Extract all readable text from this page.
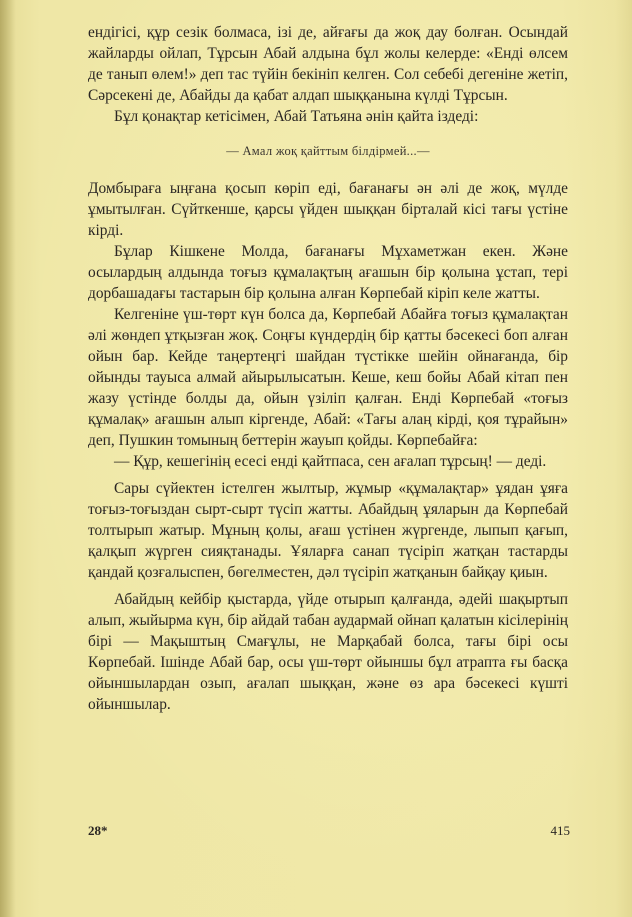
ендігісі, құр сезік болмаса, ізі де, айғағы да жоқ дау болған. Осындай жайларды ойлап, Тұрсын Абай алдына бұл жолы келерде: «Енді өлсем де танып өлем!» деп тас түйін бекініп келген. Сол себебі дегеніне жетіп, Сәрсекені де, Абайды да қабат алдап шыққанына күлді Тұрсын.

Бұл қонақтар кетісімен, Абай Татьяна әнін қайта іздеді:

— Амал жоқ қайттым білдірмей...—

Домбыраға ыңғана қосып көріп еді, бағанағы ән әлі де жоқ, мүлде ұмытылған. Сүйткенше, қарсы үйден шыққан бірталай кісі тағы үстіне кірді.

Бұлар Кішкене Молда, бағанағы Мұхаметжан екен. Және осылардың алдында тоғыз құмалақтың ағашын бір қолына ұстап, тері дорбашадағы тастарын бір қолына алған Көрпебай кіріп келе жатты.

Келгеніне үш-төрт күн болса да, Көрпебай Абайға тоғыз құмалақтан әлі жөндеп ұтқызған жоқ. Соңғы күндердің бір қатты бәсекесі боп алған ойын бар. Кейде таңертеңгі шайдан түстікке шейін ойнағанда, бір ойынды тауыса алмай айырылысатын. Кеше, кеш бойы Абай кітап пен жазу үстінде болды да, ойын үзіліп қалған. Енді Көрпебай «тоғыз құмалақ» ағашын алып кіргенде, Абай: «Тағы алаң кірді, қоя тұрайын» деп, Пушкин томының беттерін жауып қойды. Көрпебайға:

— Құр, кешегінің есесі енді қайтпаса, сен ағалап тұрсың! — деді.

Сары сүйектен істелген жылтыр, жұмыр «құмалақтар» ұядан ұяға тоғыз-тоғыздан сырт-сырт түсіп жатты. Абайдың ұяларын да Көрпебай толтырып жатыр. Мұның қолы, ағаш үстінен жүргенде, лыпып қағып, қалқып жүрген сияқтанады. Ұяларға санап түсіріп жатқан тастарды қандай қозғалыспен, бөгелместен, дәл түсіріп жатқанын байқау қиын.

Абайдың кейбір қыстарда, үйде отырып қалғанда, әдейі шақыртып алып, жыйырма күн, бір айдай табан аудармай ойнап қалатын кісілерінің бірі — Мақыштың Смағұлы, не Марқабай болса, тағы бірі осы Көрпебай. Ішінде Абай бар, осы үш-төрт ойыншы бұл атрапта ғы басқа ойыншылардан озып, ағалап шыққан, және өз ара бәсекесі күшті ойыншылар.

28*	415
